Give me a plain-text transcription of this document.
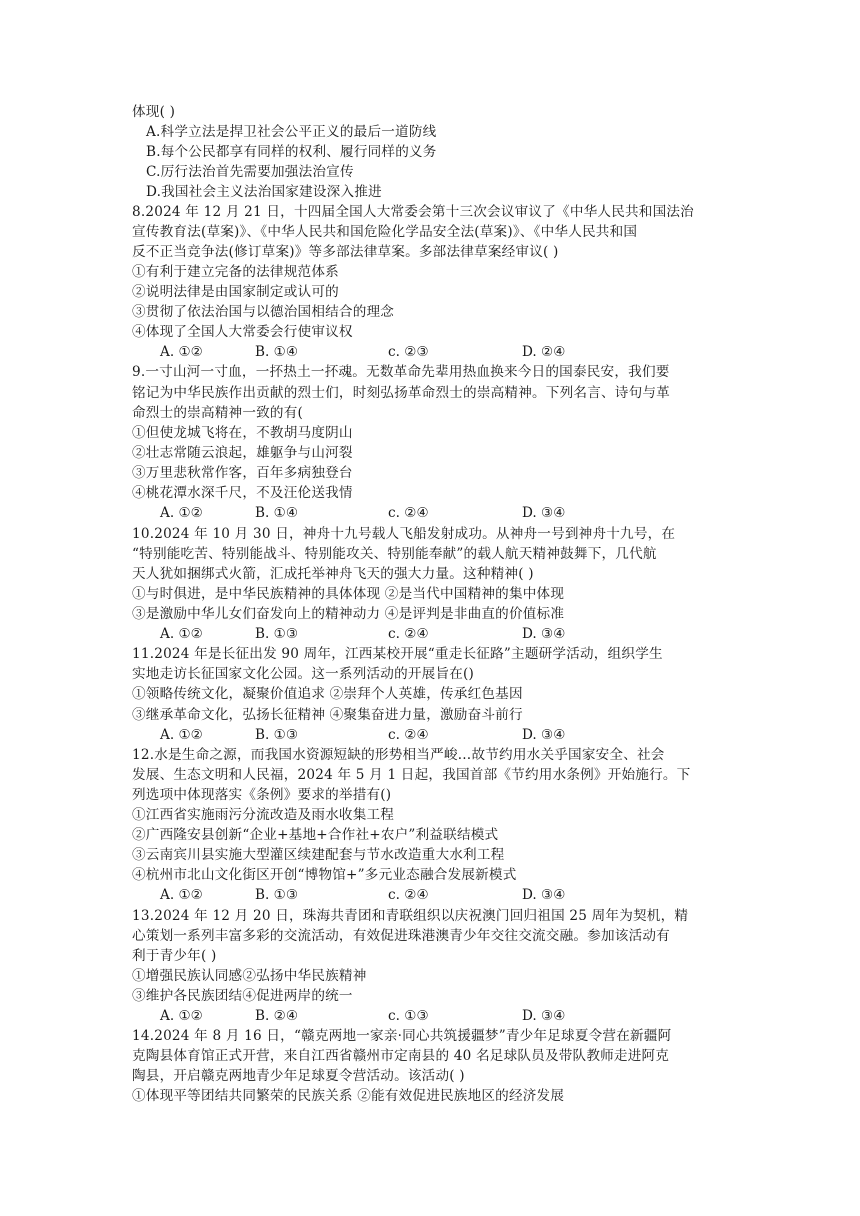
体现( )
A.科学立法是捍卫社会公平正义的最后一道防线
B.每个公民都享有同样的权利、履行同样的义务
C.厉行法治首先需要加强法治宣传
D.我国社会主义法治国家建设深入推进
8.2024 年 12 月 21 日，十四届全国人大常委会第十三次会议审议了《中华人民共和国法治
宣传教育法(草案)》、《中华人民共和国危险化学品安全法(草案)》、《中华人民共和国
反不正当竞争法(修订草案)》等多部法律草案。多部法律草案经审议( )
①有利于建立完备的法律规范体系
②说明法律是由国家制定或认可的
③贯彻了依法治国与以德治国相结合的理念
④体现了全国人大常委会行使审议权
A. ①②	B. ①④	c. ②③	D. ②④
9.一寸山河一寸血，一抔热土一抔魂。无数革命先辈用热血换来今日的国泰民安，我们要
铭记为中华民族作出贡献的烈士们，时刻弘扬革命烈士的崇高精神。下列名言、诗句与革
命烈士的崇高精神一致的有(
①但使龙城飞将在，不教胡马度阴山
②壮志常随云浪起，雄躯争与山河裂
③万里悲秋常作客，百年多病独登台
④桃花潭水深千尺，不及汪伦送我情
A. ①②	B. ①④	c. ②④	D. ③④
10.2024 年 10 月 30 日，神舟十九号载人飞船发射成功。从神舟一号到神舟十九号，在
“特别能吃苦、特别能战斗、特别能攻关、特别能奉献”的载人航天精神鼓舞下，几代航
天人犹如捆绑式火箭，汇成托举神舟飞天的强大力量。这种精神( )
①与时俱进，是中华民族精神的具体体现 ②是当代中国精神的集中体现
③是激励中华儿女们奋发向上的精神动力 ④是评判是非曲直的价值标准
A. ①②	B. ①③	c. ②④	D. ③④
11.2024 年是长征出发 90 周年，江西某校开展“重走长征路”主题研学活动，组织学生
实地走访长征国家文化公园。这一系列活动的开展旨在()
①领略传统文化，凝聚价值追求 ②崇拜个人英雄，传承红色基因
③继承革命文化，弘扬长征精神 ④聚集奋进力量，激励奋斗前行
A. ①②	B. ①③	c. ②④	D. ③④
12.水是生命之源，而我国水资源短缺的形势相当严峻…故节约用水关乎国家安全、社会
发展、生态文明和人民福，2024 年 5 月 1 日起，我国首部《节约用水条例》开始施行。下
列选项中体现落实《条例》要求的举措有()
①江西省实施雨污分流改造及雨水收集工程
②广西隆安县创新“企业+基地+合作社+农户”利益联结模式
③云南宾川县实施大型灌区续建配套与节水改造重大水利工程
④杭州市北山文化街区开创“博物馆+”多元业态融合发展新模式
A. ①②	B. ①③	c. ②④	D. ③④
13.2024 年 12 月 20 日，珠海共青团和青联组织以庆祝澳门回归祖国 25 周年为契机，精
心策划一系列丰富多彩的交流活动，有效促进珠港澳青少年交往交流交融。参加该活动有
利于青少年( )
①增强民族认同感②弘扬中华民族精神
③维护各民族团结④促进两岸的统一
A. ①②	B. ②④	c. ①③	D. ③④
14.2024 年 8 月 16 日，“赣克两地一家亲·同心共筑援疆梦”青少年足球夏令营在新疆阿
克陶县体育馆正式开营，来自江西省赣州市定南县的 40 名足球队员及带队教师走进阿克
陶县，开启赣克两地青少年足球夏令营活动。该活动( )
①体现平等团结共同繁荣的民族关系 ②能有效促进民族地区的经济发展
